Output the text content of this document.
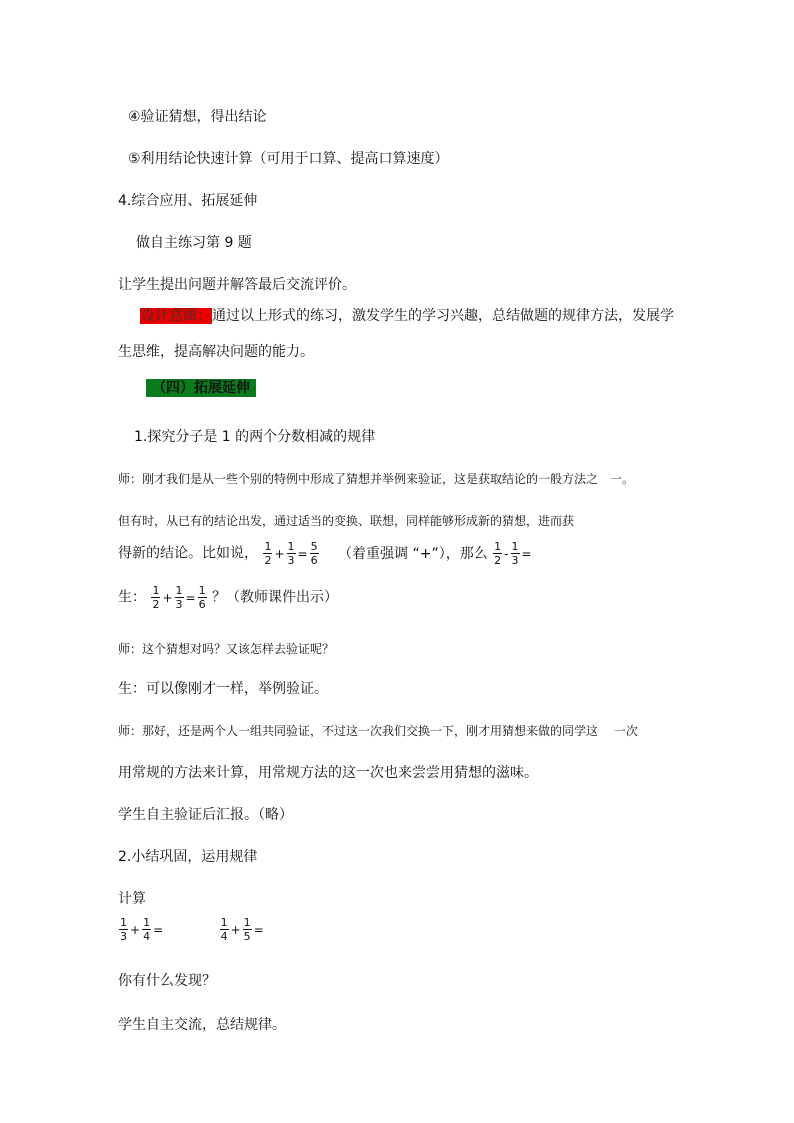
④验证猜想，得出结论
⑤利用结论快速计算（可用于口算、提高口算速度）
4.综合应用、拓展延伸
做自主练习第 9 题
让学生提出问题并解答最后交流评价。
设计意图：通过以上形式的练习，激发学生的学习兴趣，总结做题的规律方法，发展学
生思维，提高解决问题的能力。
（四）拓展延伸
1.探究分子是 1 的两个分数相减的规律
师：刚才我们是从一些个别的特例中形成了猜想并举例来验证，这是获取结论的一般方法之　一。
但有时，从已有的结论出发，通过适当的变换、联想，同样能够形成新的猜想，进而获
得新的结论。比如说， $\frac{1}{2} + \frac{1}{3} = \frac{5}{6}$ （着重强调 “+”），那么 $\frac{1}{2} - \frac{1}{3}$ =
生： $\frac{1}{2} + \frac{1}{3} = \frac{1}{6}$ ？（教师课件出示）
师：这个猜想对吗？又该怎样去验证呢？
生：可以像刚才一样，举例验证。
师：那好，还是两个人一组共同验证，不过这一次我们交换一下，刚才用猜想来做的同学这　 一次
用常规的方法来计算，用常规方法的这一次也来尝尝用猜想的滋味。
学生自主验证后汇报。（略）
2.小结巩固，运用规律
计算
$\frac{1}{3} + \frac{1}{4}$ =	$\frac{1}{4} + \frac{1}{5}$ =
你有什么发现？
学生自主交流，总结规律。
